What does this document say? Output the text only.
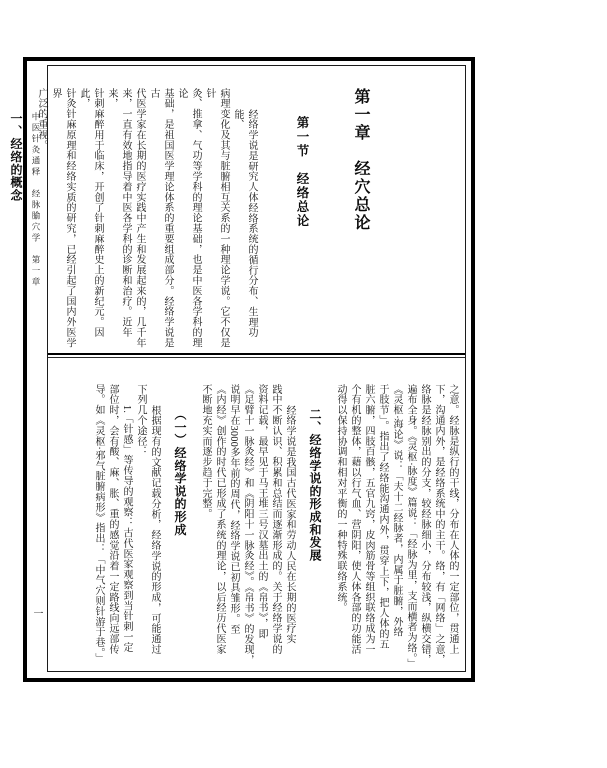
中医针灸通释　经脉腧穴学　第一章
一
第一章　经穴总论
第一节　经络总论
经络学说是研究人体经络系统的循行分布、生理功能、
病理变化及其与脏腑相互关系的一种理论学说。它不仅是针
灸、推拿、气功等学科的理论基础，也是中医各学科的理论
基础，是祖国医学理论体系的重要组成部分。经络学说是古
代医学家在长期的医疗实践中产生和发展起来的，几千年
来，一直有效地指导着中医各学科的诊断和治疗。近年来，
针刺麻醉用于临床，开创了针刺麻醉史上的新纪元。因此，
针灸针麻原理和经络实质的研究，已经引起了国内外医学界
广泛的重视。
一、经络的概念
之意。经脉是纵行的干线，分布在人体的一定部位，贯通上
下，沟通内外，是经络系统中的主干。络，有「网络」之意，
络脉是经脉别出的分支，较经脉细小，分布较浅，纵横交错，
遍布全身。《灵枢·脉度》篇说：「经脉为里，支而横者为络。」
《灵枢·海论》说：「夫十二经脉者，内属于脏腑，外络
于肢节」。指出了经络能沟通内外，贯穿上下，把人体的五
脏六腑，四肢百骸，五官九窍，皮肉筋骨等组织联络成为一
个有机的整体，藉以行气血、营阴阳，使人体各部的功能活
动得以保持协调和相对平衡的一种特殊联络系统。
二、经络学说的形成和发展
经络学说是我国古代医家和劳动人民在长期的医疗实
践中不断认识、积累和总结而逐渐形成的。关于经络学说的
资料记载，最早见于马王堆三号汉墓出土的《帛书》，即
《足臂十一脉灸经》和《阴阳十一脉灸经》。《帛书》的发现，
说明早在3000多年前的周代，经络学说已初具雏形。至
《内经》创作的时代已形成了系统的理论，以后经历代医家
不断地充实而逐步趋于完整。
（一）经络学说的形成
根据现有的文献记载分析，经络学说的形成，可能通过
下列几个途径：
1.「针感」等传导的观察：古代医家观察到当针刺一定
部位时，会有酸、麻、胀、重的感觉沿着一定路线向远部传
导。如《灵枢·邪气脏腑病形》指出：「中气穴则针游于巷。」
